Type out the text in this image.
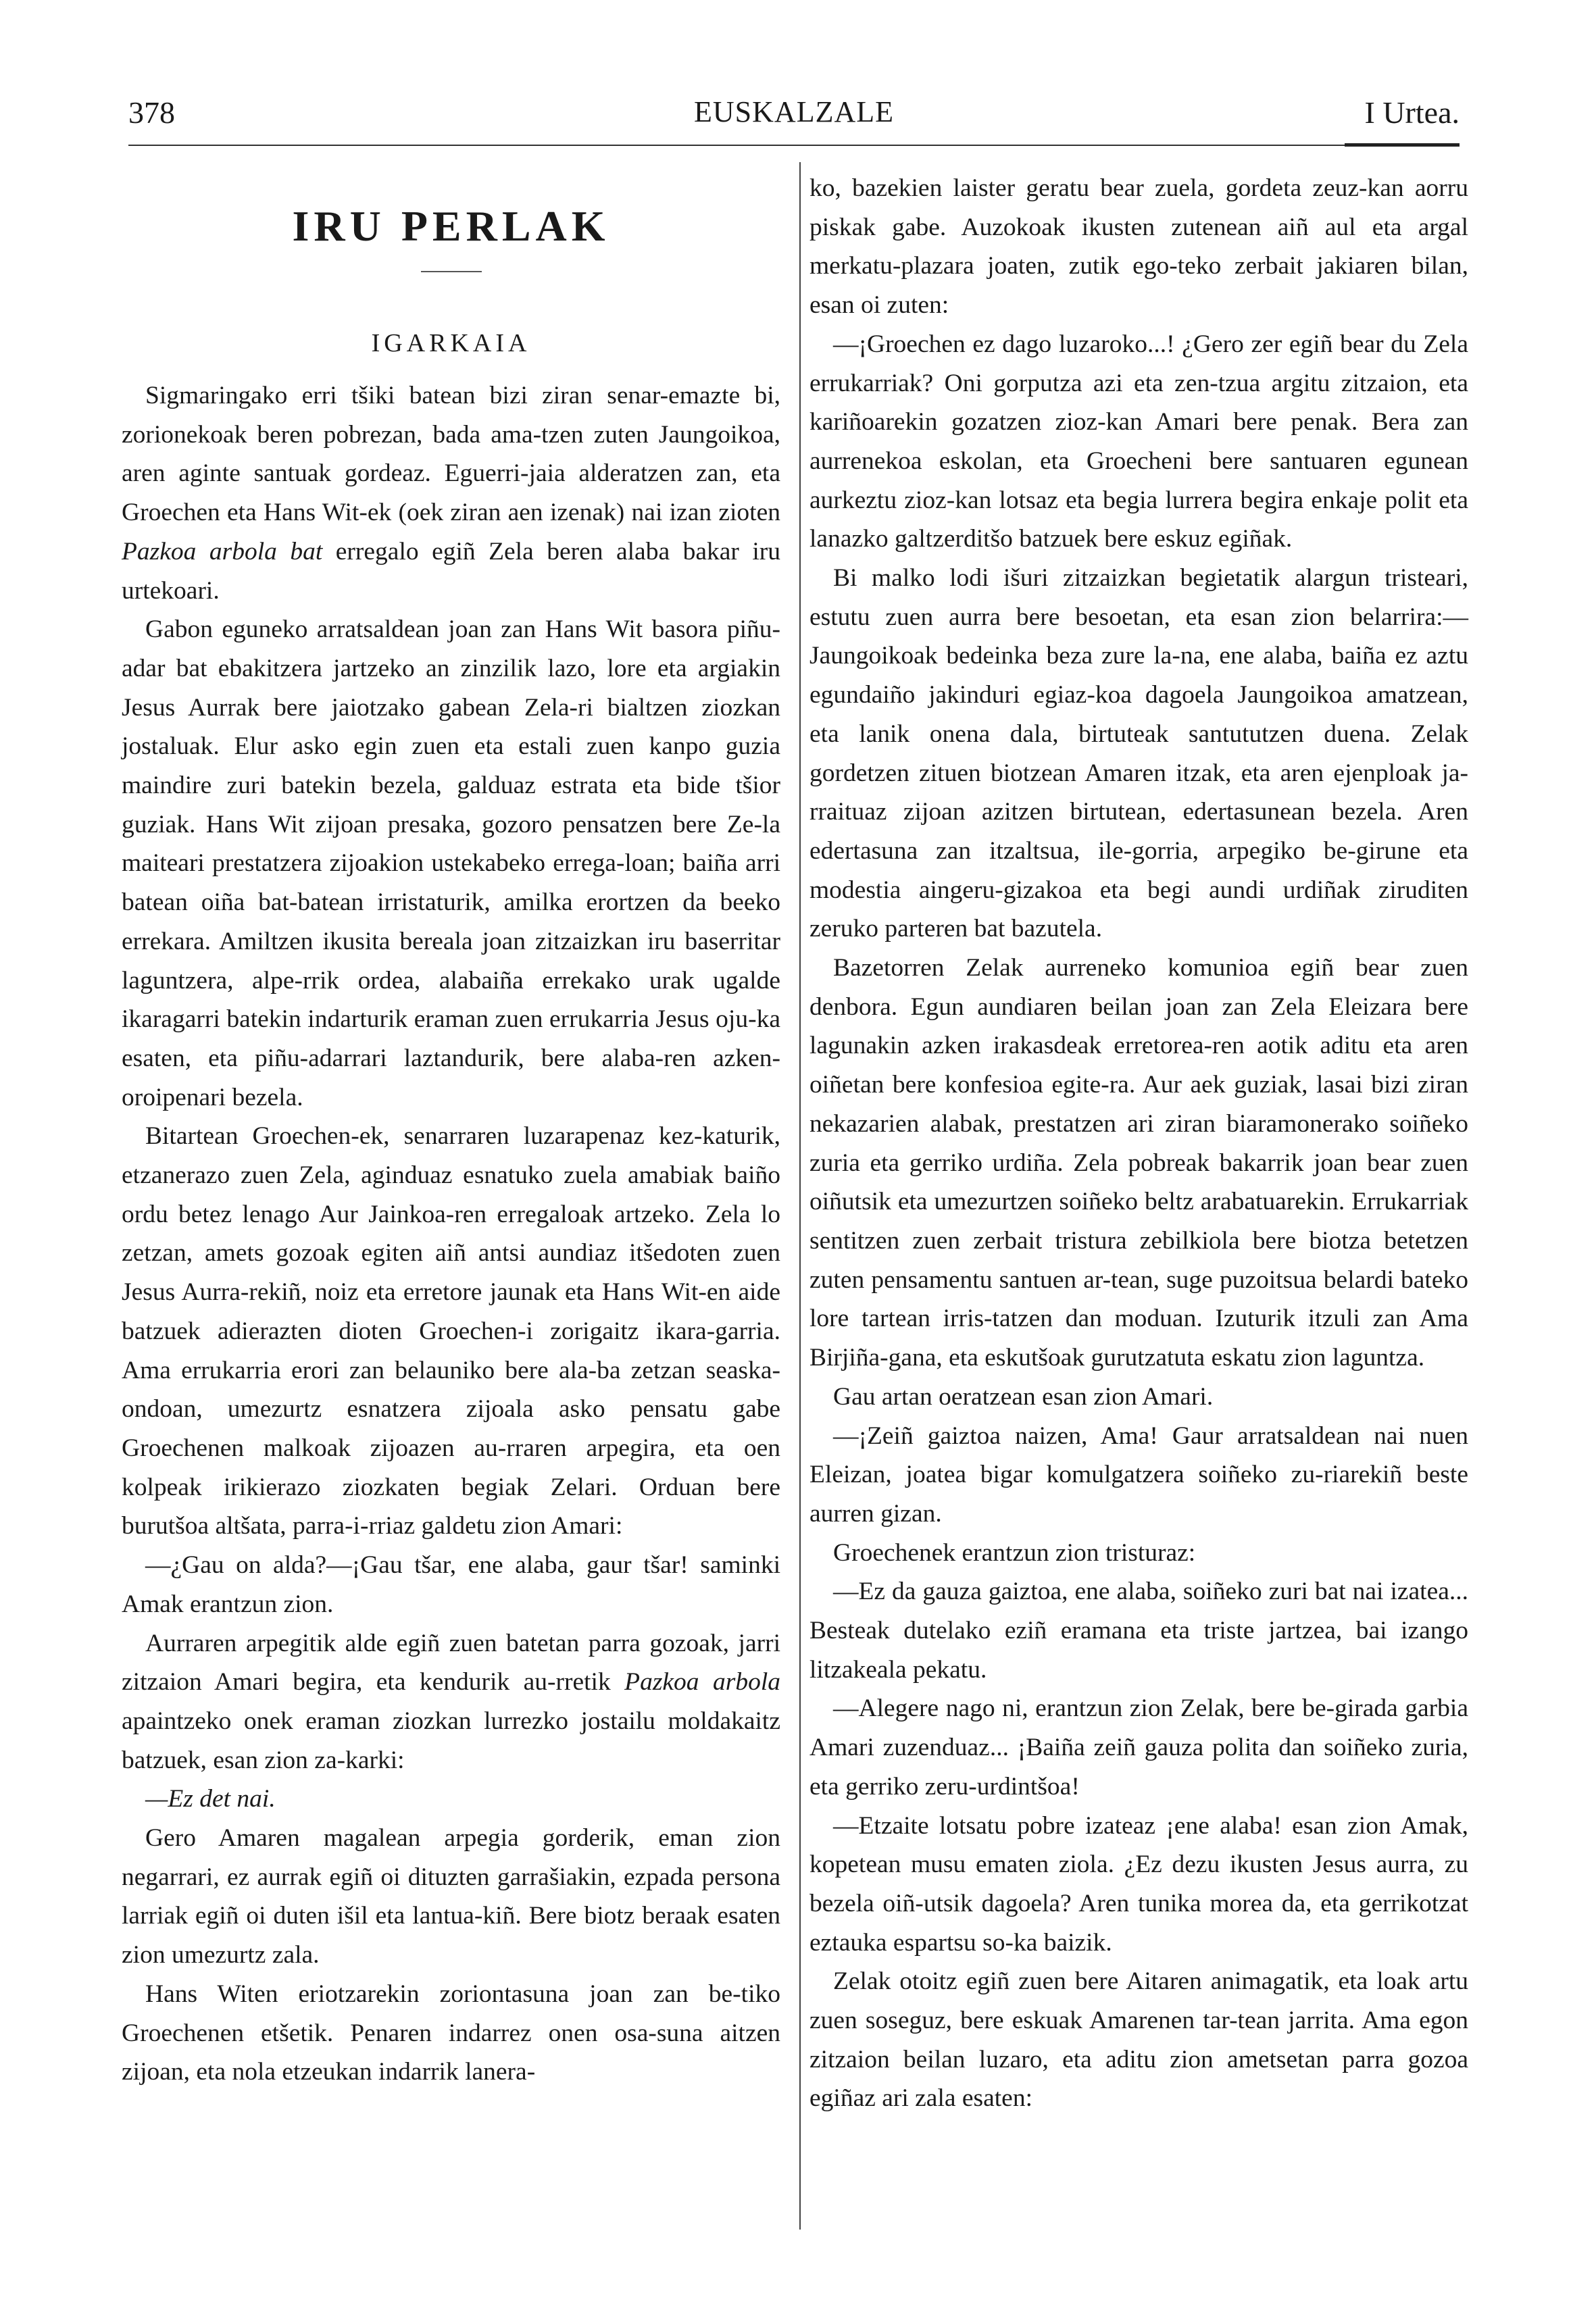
378	EUSKALZALE	I Urtea.
IRU PERLAK
IGARKAIA

Sigmaringako erri tšiki batean bizi ziran senar-emazte bi, zorionekoak beren pobrezan, bada ama-tzen zuten Jaungoikoa, aren aginte santuak gordeaz. Eguerri-jaia alderatzen zan, eta Groechen eta Hans Wit-ek (oek ziran aen izenak) nai izan zioten Pazkoa arbola bat erregalo egiñ Zela beren alaba bakar iru urtekoari.

Gabon eguneko arratsaldean joan zan Hans Wit basora piñu-adar bat ebakitzera jartzeko an zinzilik lazo, lore eta argiakin Jesus Aurrak bere jaiotzako gabean Zela-ri bialtzen ziozkan jostaluak. Elur asko egin zuen eta estali zuen kanpo guzia maindire zuri batekin bezela, galduaz estrata eta bide tšior guziak. Hans Wit zijoan presaka, gozoro pensatzen bere Ze-la maiteari prestatzera zijoakion ustekabeko errega-loan; baiña arri batean oiña bat-batean irristaturik, amilka erortzen da beeko errekara. Amiltzen ikusita bereala joan zitzaizkan iru baserritar laguntzera, alpe-rrik ordea, alabaiña errekako urak ugalde ikaragarri batekin indarturik eraman zuen errukarria Jesus oju-ka esaten, eta piñu-adarrari laztandurik, bere alaba-ren azken-oroipenari bezela.

Bitartean Groechen-ek, senarraren luzarapenaz kez-katurik, etzanerazo zuen Zela, aginduaz esnatuko zuela amabiak baiño ordu betez lenago Aur Jainkoa-ren erregaloak artzeko. Zela lo zetzan, amets gozoak egiten aiñ antsi aundiaz itšedoten zuen Jesus Aurra-rekiñ, noiz eta erretore jaunak eta Hans Wit-en aide batzuek adierazten dioten Groechen-i zorigaitz ikara-garria. Ama errukarria erori zan belauniko bere ala-ba zetzan seaska-ondoan, umezurtz esnatzera zijoala asko pensatu gabe Groechenen malkoak zijoazen au-rraren arpegira, eta oen kolpeak irikierazo ziozkaten begiak Zelari. Orduan bere burutšoa altšata, parra-i-rriaz galdetu zion Amari:

—¿Gau on alda?—¡Gau tšar, ene alaba, gaur tšar! saminki Amak erantzun zion.

Aurraren arpegitik alde egiñ zuen batetan parra gozoak, jarri zitzaion Amari begira, eta kendurik au-rretik Pazkoa arbola apaintzeko onek eraman ziozkan lurrezko jostailu moldakaitz batzuek, esan zion za-karki:

—Ez det nai.

Gero Amaren magalean arpegia gorderik, eman zion negarrari, ez aurrak egiñ oi dituzten garrašiakin, ezpada persona larriak egiñ oi duten išil eta lantua-kiñ. Bere biotz beraak esaten zion umezurtz zala.

Hans Witen eriotzarekin zoriontasuna joan zan be-tiko Groechenen etšetik. Penaren indarrez onen osa-suna aitzen zijoan, eta nola etzeukan indarrik lanera-

ko, bazekien laister geratu bear zuela, gordeta zeuz-kan aorru piskak gabe. Auzokoak ikusten zutenean aiñ aul eta argal merkatu-plazara joaten, zutik ego-teko zerbait jakiaren bilan, esan oi zuten:

—¡Groechen ez dago luzaroko...! ¿Gero zer egiñ bear du Zela errukarriak? Oni gorputza azi eta zen-tzua argitu zitzaion, eta kariñoarekin gozatzen zioz-kan Amari bere penak. Bera zan aurrenekoa eskolan, eta Groecheni bere santuaren egunean aurkeztu zioz-kan lotsaz eta begia lurrera begira enkaje polit eta lanazko galtzerditšo batzuek bere eskuz egiñak.

Bi malko lodi išuri zitzaizkan begietatik alargun tristeari, estutu zuen aurra bere besoetan, eta esan zion belarrira:—Jaungoikoak bedeinka beza zure la-na, ene alaba, baiña ez aztu egundaiño jakinduri egiaz-koa dagoela Jaungoikoa amatzean, eta lanik onena dala, birtuteak santututzen duena. Zelak gordetzen zituen biotzean Amaren itzak, eta aren ejenploak ja-rraituaz zijoan azitzen birtutean, edertasunean bezela. Aren edertasuna zan itzaltsua, ile-gorria, arpegiko be-girune eta modestia aingeru-gizakoa eta begi aundi urdiñak ziruditen zeruko parteren bat bazutela.

Bazetorren Zelak aurreneko komunioa egiñ bear zuen denbora. Egun aundiaren beilan joan zan Zela Eleizara bere lagunakin azken irakasdeak erretorea-ren aotik aditu eta aren oiñetan bere konfesioa egite-ra. Aur aek guziak, lasai bizi ziran nekazarien alabak, prestatzen ari ziran biaramonerako soiñeko zuria eta gerriko urdiña. Zela pobreak bakarrik joan bear zuen oiñutsik eta umezurtzen soiñeko beltz arabatuarekin. Errukarriak sentitzen zuen zerbait tristura zebilkiola bere biotza betetzen zuten pensamentu santuen ar-tean, suge puzoitsua belardi bateko lore tartean irris-tatzen dan moduan. Izuturik itzuli zan Ama Birjiña-gana, eta eskutšoak gurutzatuta eskatu zion laguntza.

Gau artan oeratzean esan zion Amari.

—¡Zeiñ gaiztoa naizen, Ama! Gaur arratsaldean nai nuen Eleizan, joatea bigar komulgatzera soiñeko zu-riarekiñ beste aurren gizan.

Groechenek erantzun zion tristuraz:

—Ez da gauza gaiztoa, ene alaba, soiñeko zuri bat nai izatea... Besteak dutelako eziñ eramana eta triste jartzea, bai izango litzakeala pekatu.

—Alegere nago ni, erantzun zion Zelak, bere be-girada garbia Amari zuzenduaz... ¡Baiña zeiñ gauza polita dan soiñeko zuria, eta gerriko zeru-urdintšoa!

—Etzaite lotsatu pobre izateaz ¡ene alaba! esan zion Amak, kopetean musu ematen ziola. ¿Ez dezu ikusten Jesus aurra, zu bezela oiñ-utsik dagoela? Aren tunika morea da, eta gerrikotzat eztauka espartsu so-ka baizik.

Zelak otoitz egiñ zuen bere Aitaren animagatik, eta loak artu zuen soseguz, bere eskuak Amarenen tar-tean jarrita. Ama egon zitzaion beilan luzaro, eta aditu zion ametsetan parra gozoa egiñaz ari zala esaten:
